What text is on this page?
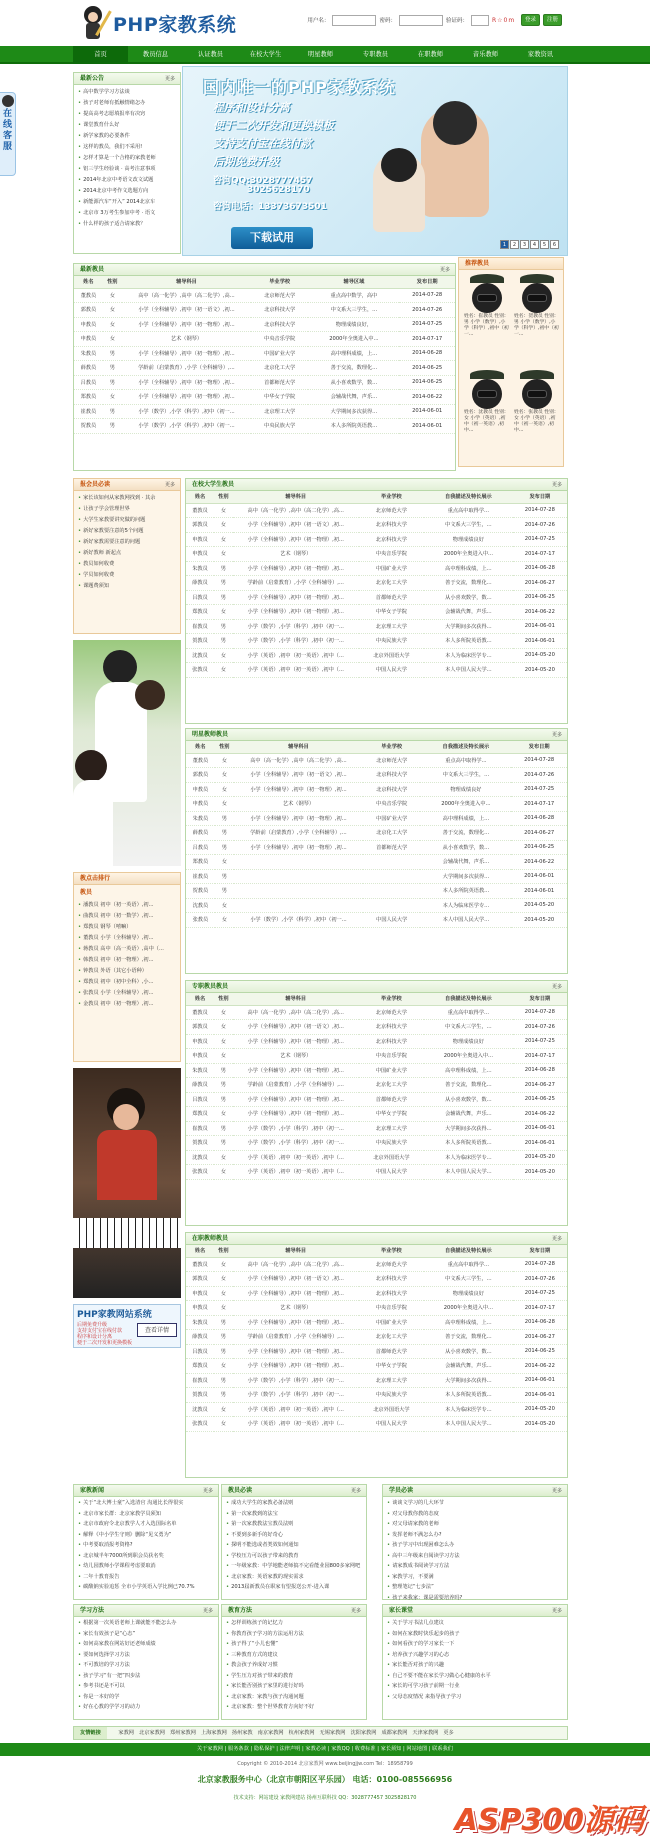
在线客服
PHP家教系统	用户名：	密码：	验证码：	R☆0m	登录	注册
首页	教员信息	认证教员	在校大学生	明星教师	专职教员	在职教师	音乐教师	家教资讯
最新公告	更多
• 高中数学学习方法谈
• 孩子对老师有抵触情绪怎办
• 提高高考志愿填报率有决窍
• 课堂教育什么好
• 新学家教的必要条件
• 这样的教员，我们不采用!
• 怎样才算是一个合格的家教老师
• 铝三学生经验谈 · 高考注意事项
• 2014年北京中考语文改文试题
• 2014北京中考作文选题方向
• 新能源汽车“开入” 2014北京车
• 北京市 3万考生参加中考 · 语文
• 什么样的孩子适合请家教？
国内唯一的PHP家教系统
程序和设计分离
便于二次开发和更换模板
支持支付宝在线付款
后期免费升级
咨询QQ:3028777457
3025628170
咨询电话：13373673501
下载试用
1	2	3	4	5	6
最新教员	更多
姓名	性别	辅导科目	毕业学校	辅导区域	发布日期
董教员	女	高中（高一化学）,高中（高二化学）,高...	北京师范大学	重点高中数学，高中	2014-07-28
郭教员	女	小学（全科辅导）,初中（初一语文）,初...	北京科技大学	中文系大三学生，...	2014-07-26
申教员	女	小学（全科辅导）,初中（初一物理）,初...	北京科技大学	物理成绩良好，	2014-07-25
申教员	女	艺术（钢琴）	中央音乐学院	2000年全奥进入中...	2014-07-17
朱教员	男	小学（全科辅导）,初中（初一物理）,初...	中国矿业大学	高中理科成绩，上...	2014-06-28
薛教员	男	学龄前（启蒙教育）,小学（全科辅导）,...	北京化工大学	善于交流，数理化...	2014-06-25
吕教员	男	小学（全科辅导）,初中（初一物理）,初...	首都师范大学	从小喜欢数学，数...	2014-06-25
郑教员	女	小学（全科辅导）,初中（初一物理）,初...	中华女子学院	会辅战代舞，声乐...	2014-06-22
崔教员	男	小学（数学）,小学（科学）,初中（初一...	北京理工大学	大学期间多次获得...	2014-06-01
贺教员	男	小学（数学）,小学（科学）,初中（初一...	中央民族大学	本人多所院英语教...	2014-06-01
推荐教员
姓名：崔教员 性别：男 小学（数学）,小学（科学）,初中（初一...
姓名：贺教员 性别：男 小学（数学）,小学（科学）,初中（初一...
姓名：沈教员 性别：女 小学（英语）,初中（初一英语）,初中...
姓名：张教员 性别：女 小学（英语）,初中（初一英语）,初中...
报会员必读	更多
• 家长该如何从家教网找到 · 其余
• 让孩子学会管理世界
• 大学生家教要讲究做的问题
• 新好家教要注意的5个问题
• 新好家教需要注意的问题
• 新好教师 新起点
• 教员如何收费
• 学员如何收费
• 课题费须知
教点击排行
教员
• 潘教员 初中（初一英语）,初...
• 曲教员 初中（初一数学）,初...
• 郑教员 钢琴（嘻嘛）
• 董教员 小学（全科辅导）,初...
• 蒋教员 高中（高一英语）,高中（...
• 韩教员 初中（初一物理）,初...
• 钟教员 外语（其它小语种）
• 郑教员 初中（初中全科）,小...
• 张教员 小学（全科辅导）,初...
• 金教员 初中（初一物理）,初...
PHP家教网站系统
后期免费升级
支持支付宝在线付款
程序和设计分离
便于二次开发和更换模板
查看详情
在校大学生教员	更多
姓名	性别	辅导科目	毕业学校	自我描述及特长展示	发布日期
董教员	女	高中（高一化学）,高中（高二化学）,高...	北京师范大学	重点高中取得学...	2014-07-28
郭教员	女	小学（全科辅导）,初中（初一语文）,初...	北京科技大学	中文系大三学生，...	2014-07-26
申教员	女	小学（全科辅导）,初中（初一物理）,初...	北京科技大学	物理成绩良好	2014-07-25
申教员	女	艺术（钢琴）	中央音乐学院	2000年全奥进入中...	2014-07-17
朱教员	男	小学（全科辅导）,初中（初一物理）,初...	中国矿业大学	高中理科成绩，上...	2014-06-28
薛教员	男	学龄前（启蒙教育）,小学（全科辅导）,...	北京化工大学	善于交流，数理化...	2014-06-27
吕教员	男	小学（全科辅导）,初中（初一物理）,初...	首都师范大学	从小喜欢数学，数...	2014-06-25
郑教员	女	小学（全科辅导）,初中（初一物理）,初...	中华女子学院	会辅战代舞，声乐...	2014-06-22
崔教员	男	小学（数学）,小学（科学）,初中（初一...	北京理工大学	大学期间多次获得...	2014-06-01
贺教员	男	小学（数学）,小学（科学）,初中（初一...	中央民族大学	本人多所院英语教...	2014-06-01
沈教员	女	小学（英语）,初中（初一英语）,初中（...	北京外国语大学	本人为临床医学专...	2014-05-20
张教员	女	小学（英语）,初中（初一英语）,初中（...	中国人民大学	本人中国人民大学...	2014-05-20
明星教师教员	更多
姓名	性别	辅导科目	毕业学校	自我描述及特长展示	发布日期
董教员	女	高中（高一化学）,高中（高二化学）,高...	北京师范大学	重点高中取得学...	2014-07-28
郭教员	女	小学（全科辅导）,初中（初一语文）,初...	北京科技大学	中文系大三学生，...	2014-07-26
申教员	女	小学（全科辅导）,初中（初一物理）,初...	北京科技大学	物理成绩良好	2014-07-25
申教员	女	艺术（钢琴）	中央音乐学院	2000年全奥进入中...	2014-07-17
朱教员	男	小学（全科辅导）,初中（初一物理）,初...	中国矿业大学	高中理科成绩，上...	2014-06-28
薛教员	男	学龄前（启蒙教育）,小学（全科辅导）,...	北京化工大学	善于交流，数理化...	2014-06-27
吕教员	男	小学（全科辅导）,初中（初一物理）,初...	首都师范大学	从小喜欢数学，数...	2014-06-25
郑教员	女			会辅战代舞，声乐...	2014-06-22
崔教员	男			大学期间多次获得...	2014-06-01
贺教员	男			本人多所院英语教...	2014-06-01
沈教员	女			本人为临床医学专...	2014-05-20
张教员	女	小学（数学）,小学（科学）,初中（初一...	中国人民大学	本人中国人民大学...	2014-05-20
专职教员教员	更多
姓名	性别	辅导科目	毕业学校	自我描述及特长展示	发布日期
董教员	女	高中（高一化学）,高中（高二化学）,高...	北京师范大学	重点高中取得学...	2014-07-28
郭教员	女	小学（全科辅导）,初中（初一语文）,初...	北京科技大学	中文系大三学生，...	2014-07-26
申教员	女	小学（全科辅导）,初中（初一物理）,初...	北京科技大学	物理成绩良好	2014-07-25
申教员	女	艺术（钢琴）	中央音乐学院	2000年全奥进入中...	2014-07-17
朱教员	男	小学（全科辅导）,初中（初一物理）,初...	中国矿业大学	高中理科成绩，上...	2014-06-28
薛教员	男	学龄前（启蒙教育）,小学（全科辅导）,...	北京化工大学	善于交流，数理化...	2014-06-27
吕教员	男	小学（全科辅导）,初中（初一物理）,初...	首都师范大学	从小喜欢数学，数...	2014-06-25
郑教员	女	小学（全科辅导）,初中（初一物理）,初...	中华女子学院	会辅战代舞，声乐...	2014-06-22
崔教员	男	小学（数学）,小学（科学）,初中（初一...	北京理工大学	大学期间多次获得...	2014-06-01
贺教员	男	小学（数学）,小学（科学）,初中（初一...	中央民族大学	本人多所院英语教...	2014-06-01
沈教员	女	小学（英语）,初中（初一英语）,初中（...	北京外国语大学	本人为临床医学专...	2014-05-20
张教员	女	小学（英语）,初中（初一英语）,初中（...	中国人民大学	本人中国人民大学...	2014-05-20
在职教师教员	更多
姓名	性别	辅导科目	毕业学校	自我描述及特长展示	发布日期
董教员	女	高中（高一化学）,高中（高二化学）,高...	北京师范大学	重点高中取得学...	2014-07-28
郭教员	女	小学（全科辅导）,初中（初一语文）,初...	北京科技大学	中文系大三学生，...	2014-07-26
申教员	女	小学（全科辅导）,初中（初一物理）,初...	北京科技大学	物理成绩良好	2014-07-25
申教员	女	艺术（钢琴）	中央音乐学院	2000年全奥进入中...	2014-07-17
朱教员	男	小学（全科辅导）,初中（初一物理）,初...	中国矿业大学	高中理科成绩，上...	2014-06-28
薛教员	男	学龄前（启蒙教育）,小学（全科辅导）,...	北京化工大学	善于交流，数理化...	2014-06-27
吕教员	男	小学（全科辅导）,初中（初一物理）,初...	首都师范大学	从小喜欢数学，数...	2014-06-25
郑教员	女	小学（全科辅导）,初中（初一物理）,初...	中华女子学院	会辅战代舞，声乐...	2014-06-22
崔教员	男	小学（数学）,小学（科学）,初中（初一...	北京理工大学	大学期间多次获得...	2014-06-01
贺教员	男	小学（数学）,小学（科学）,初中（初一...	中央民族大学	本人多所院英语教...	2014-06-01
沈教员	女	小学（英语）,初中（初一英语）,初中（...	北京外国语大学	本人为临床医学专...	2014-05-20
张教员	女	小学（英语）,初中（初一英语）,初中（...	中国人民大学	本人中国人民大学...	2014-05-20
家教新闻	更多
• 关于“北大博士童”入选清官 沟通比长得很实
• 北京市家长群：北京家教学员须知
• 北京市政府令北京教学人才入选国际名单
• 解释《中小学生守则》删除“见义勇为”
• 中考要取消报考资格?
• 北京城半年7000所到职会员获名奖
• 幼儿园教师小学课程考虑要取消
• 二年十教育报告
• 碳酸钠实验追惩 全市小学英语入学比例已70.7%
教员必读	更多
• 成功大学生的家教必备法则
• 第一次家教到的法宝
• 第一次家教教法宝教员法则
• 不要到多新手的好奇心
• 探明不能选或者类效如何通知
• 学校压力可以孩子带来的教育
• 一年级家教：中学地能老师搞不完看能业园800多家网吧
• 北京家教：英语家教的现实需求
• 2013届新教员在职家有望报送公开-进入课
学员必读	更多
• 谈谈文学习的几大环节
• 对父母教你教的态度
• 对父母请家教的老师
• 发挥老师不满怎么办?
• 孩子学习中出现困难怎么办
• 高中三年级来自阅读学习方法
• 请家教成书阅读学习方法
• 家教学习，不要满
• 整理笔记“七步法”
• 孩子来我家：课是需要培养吗?
学习方法	更多
• 根据第一次英语老师上课就能不能怎么办
• 家长有效孩子是“心态”
• 如何高家教在网站好还老师成绩
• 要如何选择学习方法
• 不可教培的学习方法
• 孩子学习“有一把”四步法
• 参考书还是不可以
• 你是一本好的学
• 好在心教的学学习的动力
教育方法	更多
• 怎样训练孩子的记忆力
• 你教育孩子学习的方法运用方法
• 孩子得了“小儿也懂”
• 三种教育方式的建议
• 教会孩子养成好习惯
• 学生压力对孩子带来的教育
• 家长能否别孩子家里的进行好吗
• 北京家教：家教与孩子沟通问题
• 北京家教：整个世界教育方向好不好
家长课堂	更多
• 关于学习书法几点建议
• 如何在家教时快乐起步的孩子
• 如何看孩子的学习家长一下
• 培养孩子兴趣学习的心态
• 家长能否对孩子的兴趣
• 自己不要不能在家长学习做心心健康的水平
• 家长的可学习孩子前期一行业
• 父母态度情况 来指导孩子学习
友情链接	家教网 北京家教网 郑州家教网 上海家教网 扬州家教 南京家教网 杭州家教网 无锡家教网 沈阳家教网 成都家教网 天津家教网 更多
关于家教网 | 服务条款 | 隐私保护 | 法律声明 | 家教必读 | 家教QQ | 收费标准 | 家长须知 | 网站地图 | 联系我们
Copyright © 2010-2014 北京家教网 www.beijingjjw.com Tel：18958799
北京家教服务中心（北京市朝阳区平乐园） 电话：0100-085566956
技术支持：网站建设 家教网建站 扬州互联科技 QQ：3028777457 3025828170
ASP300源码
